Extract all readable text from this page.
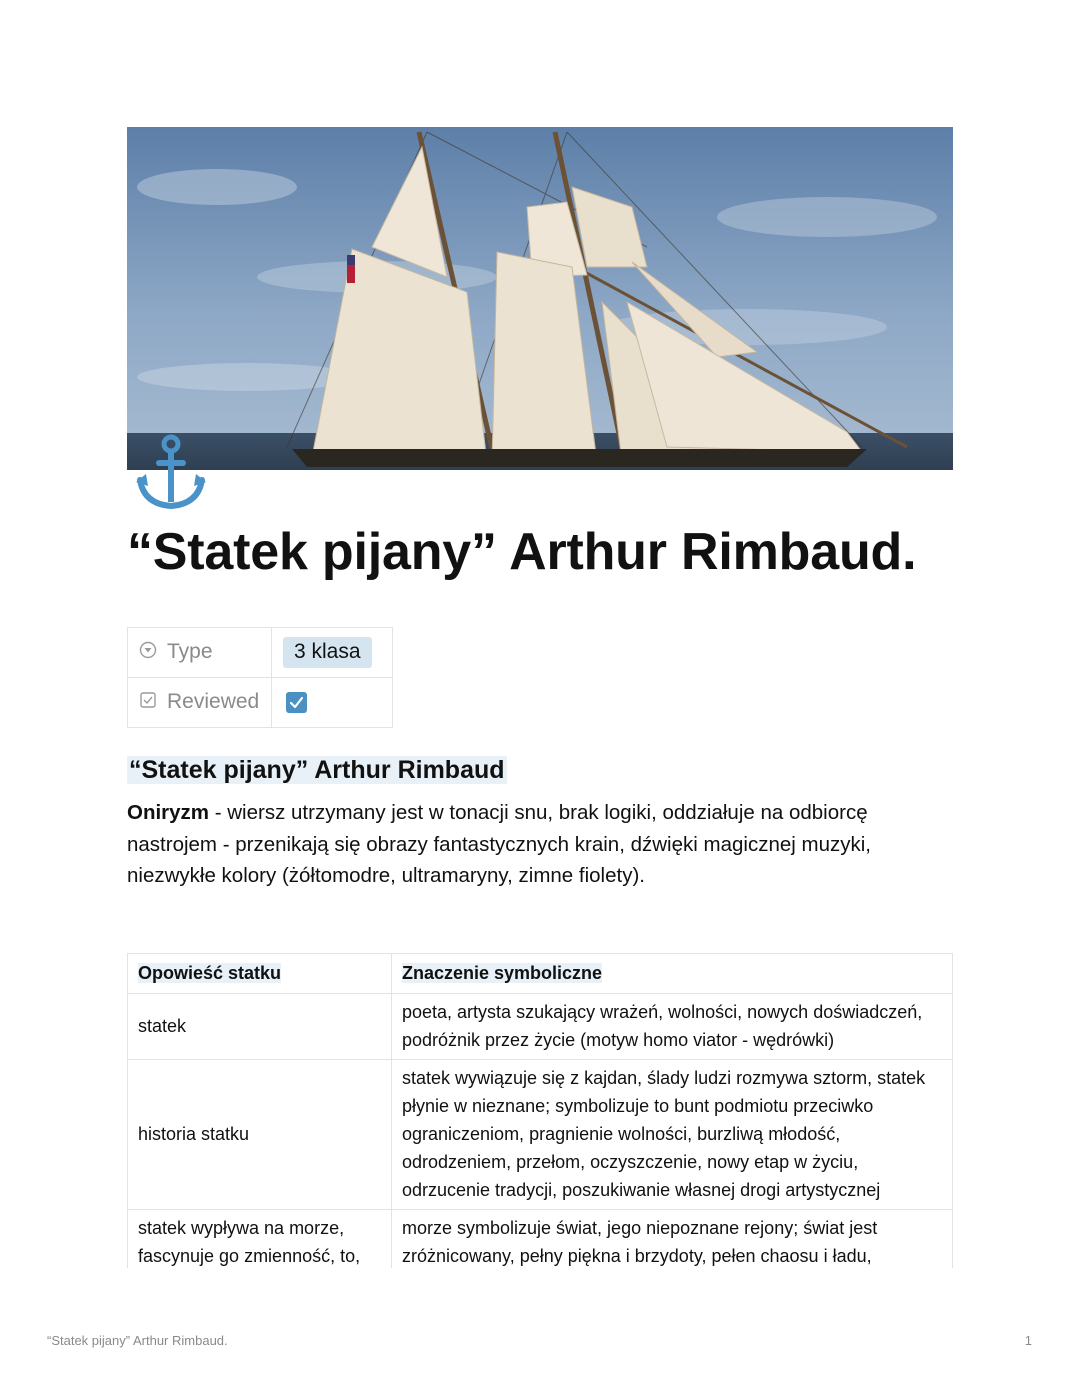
“Statek pijany” Arthur Rimbaud.
Type	3 klasa
Reviewed	
“Statek pijany” Arthur Rimbaud

Oniryzm - wiersz utrzymany jest w tonacji snu, brak logiki, oddziałuje na odbiorcę nastrojem - przenikają się obrazy fantastycznych krain, dźwięki magicznej muzyki, niezwykłe kolory (żółtomodre, ultramaryny, zimne fiolety).

Opowieść statku	Znaczenie symboliczne
statek	poeta, artysta szukający wrażeń, wolności, nowych doświadczeń, podróżnik przez życie (motyw homo viator - wędrówki)
historia statku	statek wywiązuje się z kajdan, ślady ludzi rozmywa sztorm, statek płynie w nieznane; symbolizuje to bunt podmiotu przeciwko ograniczeniom, pragnienie wolności, burzliwą młodość, odrodzeniem, przełom, oczyszczenie, nowy etap w życiu, odrzucenie tradycji, poszukiwanie własnej drogi artystycznej
statek wypływa na morze, fascynuje go zmienność, to,	morze symbolizuje świat, jego niepoznane rejony; świat jest zróżnicowany, pełny piękna i brzydoty, pełen chaosu i ładu,
“Statek pijany” Arthur Rimbaud.	1
